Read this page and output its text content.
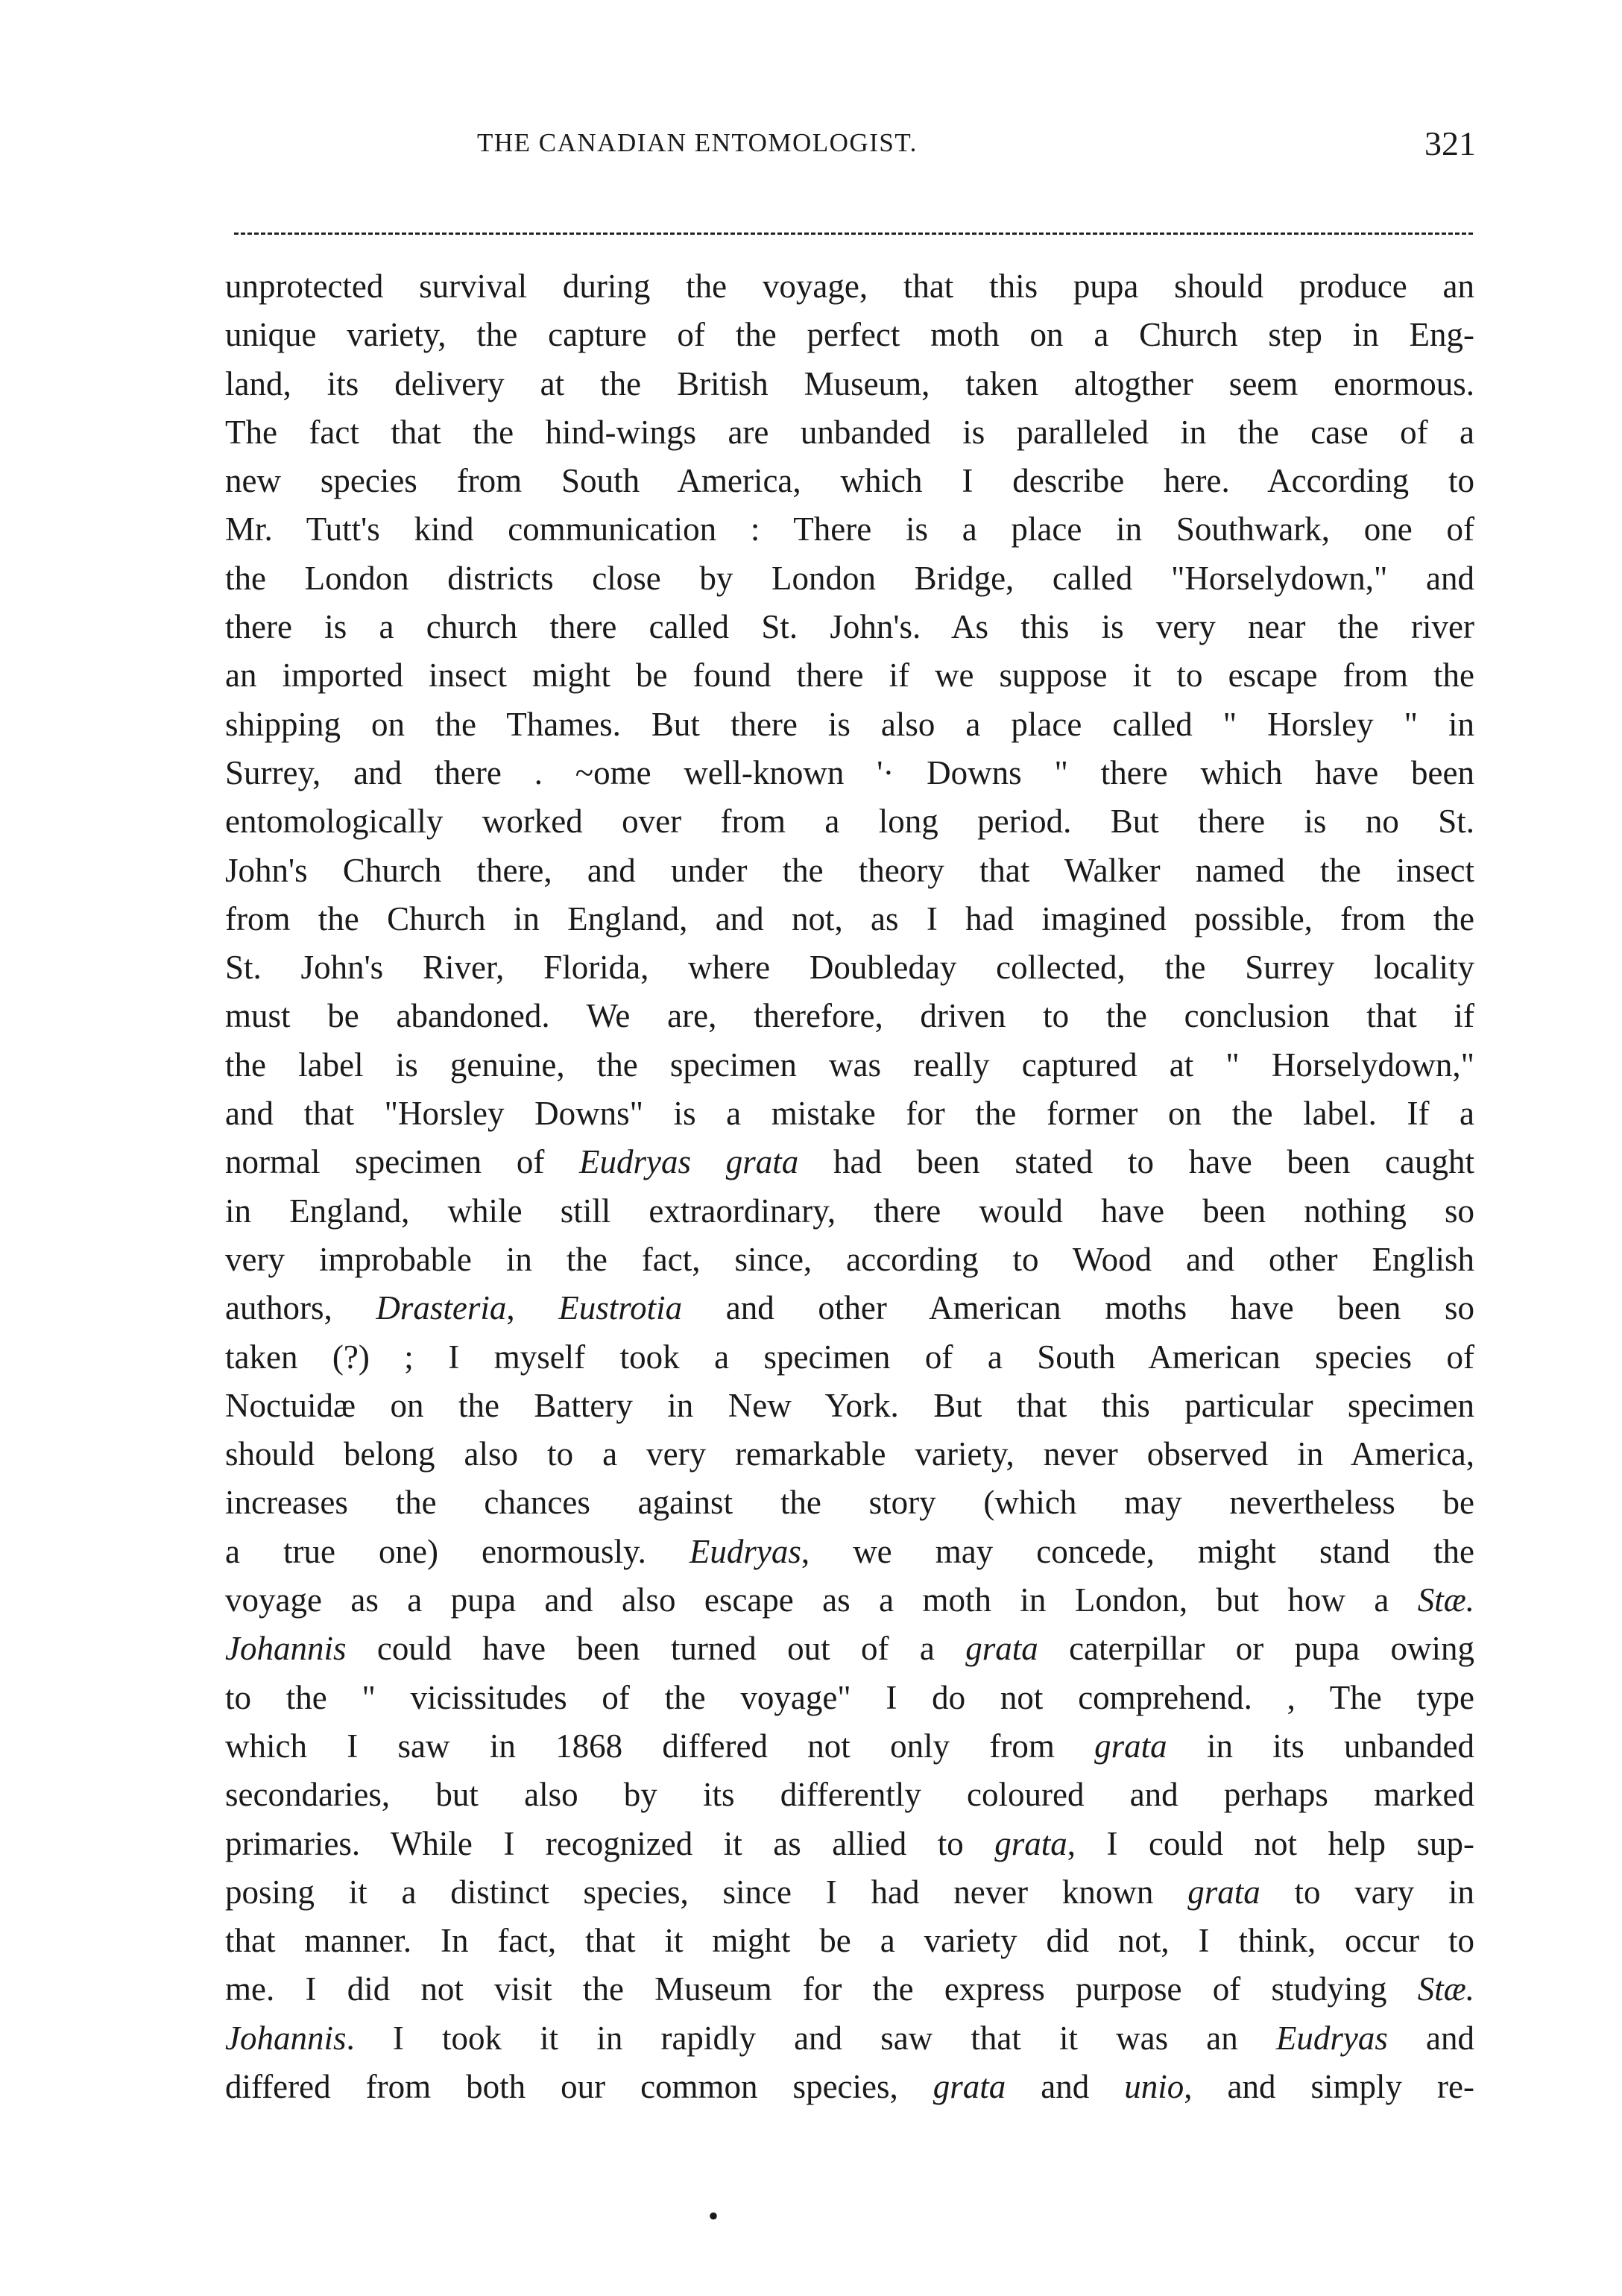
THE CANADIAN ENTOMOLOGIST.	321
unprotected survival during the voyage, that this pupa should produce an
unique variety, the capture of the perfect moth on a Church step in Eng-
land, its delivery at the British Museum, taken altogther seem enormous.
The fact that the hind-wings are unbanded is paralleled in the case of a
new species from South America, which I describe here. According to
Mr. Tutt's kind communication : There is a place in Southwark, one of
the London districts close by London Bridge, called "Horselydown," and
there is a church there called St. John's. As this is very near the river
an imported insect might be found there if we suppose it to escape from the
shipping on the Thames. But there is also a place called " Horsley " in
Surrey, and there . ~ome well-known '· Downs " there which have been
entomologically worked over from a long period. But there is no St.
John's Church there, and under the theory that Walker named the insect
from the Church in England, and not, as I had imagined possible, from the
St. John's River, Florida, where Doubleday collected, the Surrey locality
must be abandoned. We are, therefore, driven to the conclusion that if
the label is genuine, the specimen was really captured at " Horselydown,"
and that "Horsley Downs" is a mistake for the former on the label. If a
normal specimen of Eudryas grata had been stated to have been caught
in England, while still extraordinary, there would have been nothing so
very improbable in the fact, since, according to Wood and other English
authors, Drasteria, Eustrotia and other American moths have been so
taken (?) ; I myself took a specimen of a South American species of
Noctuidæ on the Battery in New York. But that this particular specimen
should belong also to a very remarkable variety, never observed in America,
increases the chances against the story (which may nevertheless be
a true one) enormously. Eudryas, we may concede, might stand the
voyage as a pupa and also escape as a moth in London, but how a Stæ.
Johannis could have been turned out of a grata caterpillar or pupa owing
to the " vicissitudes of the voyage" I do not comprehend. , The type
which I saw in 1868 differed not only from grata in its unbanded
secondaries, but also by its differently coloured and perhaps marked
primaries. While I recognized it as allied to grata, I could not help sup-
posing it a distinct species, since I had never known grata to vary in
that manner. In fact, that it might be a variety did not, I think, occur to
me. I did not visit the Museum for the express purpose of studying Stæ.
Johannis. I took it in rapidly and saw that it was an Eudryas and
differed from both our common species, grata and unio, and simply re-
•
